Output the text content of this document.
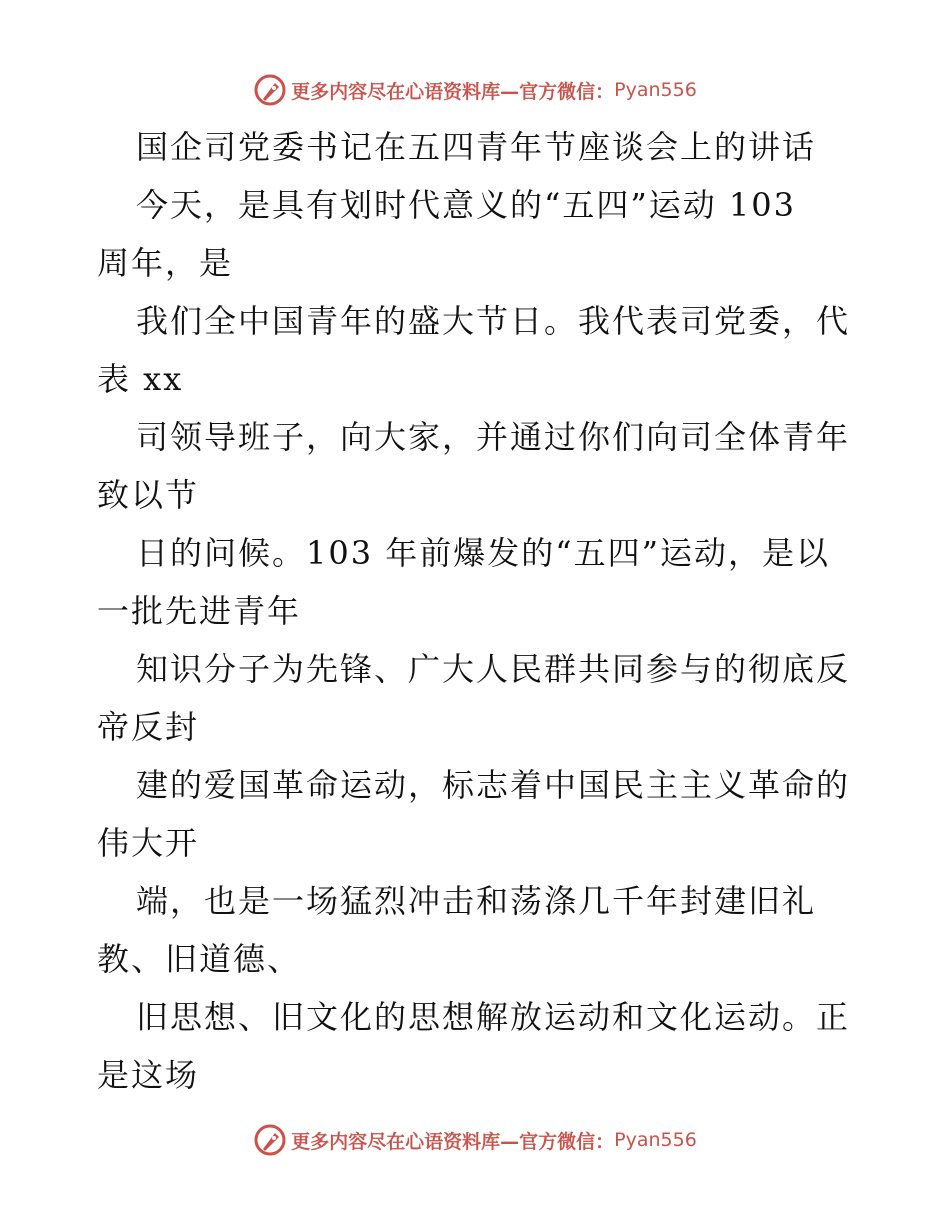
更多内容尽在心语资料库—官方微信： Pyan556
国企司党委书记在五四青年节座谈会上的讲话
今天，是具有划时代意义的“五四”运动 103
周年，是
我们全中国青年的盛大节日。我代表司党委，代
表 xx
司领导班子，向大家，并通过你们向司全体青年
致以节
日的问候。103 年前爆发的“五四”运动，是以
一批先进青年
知识分子为先锋、广大人民群共同参与的彻底反
帝反封
建的爱国革命运动，标志着中国民主主义革命的
伟大开
端，也是一场猛烈冲击和荡涤几千年封建旧礼
教、旧道德、
旧思想、旧文化的思想解放运动和文化运动。正
是这场
更多内容尽在心语资料库—官方微信： Pyan556
